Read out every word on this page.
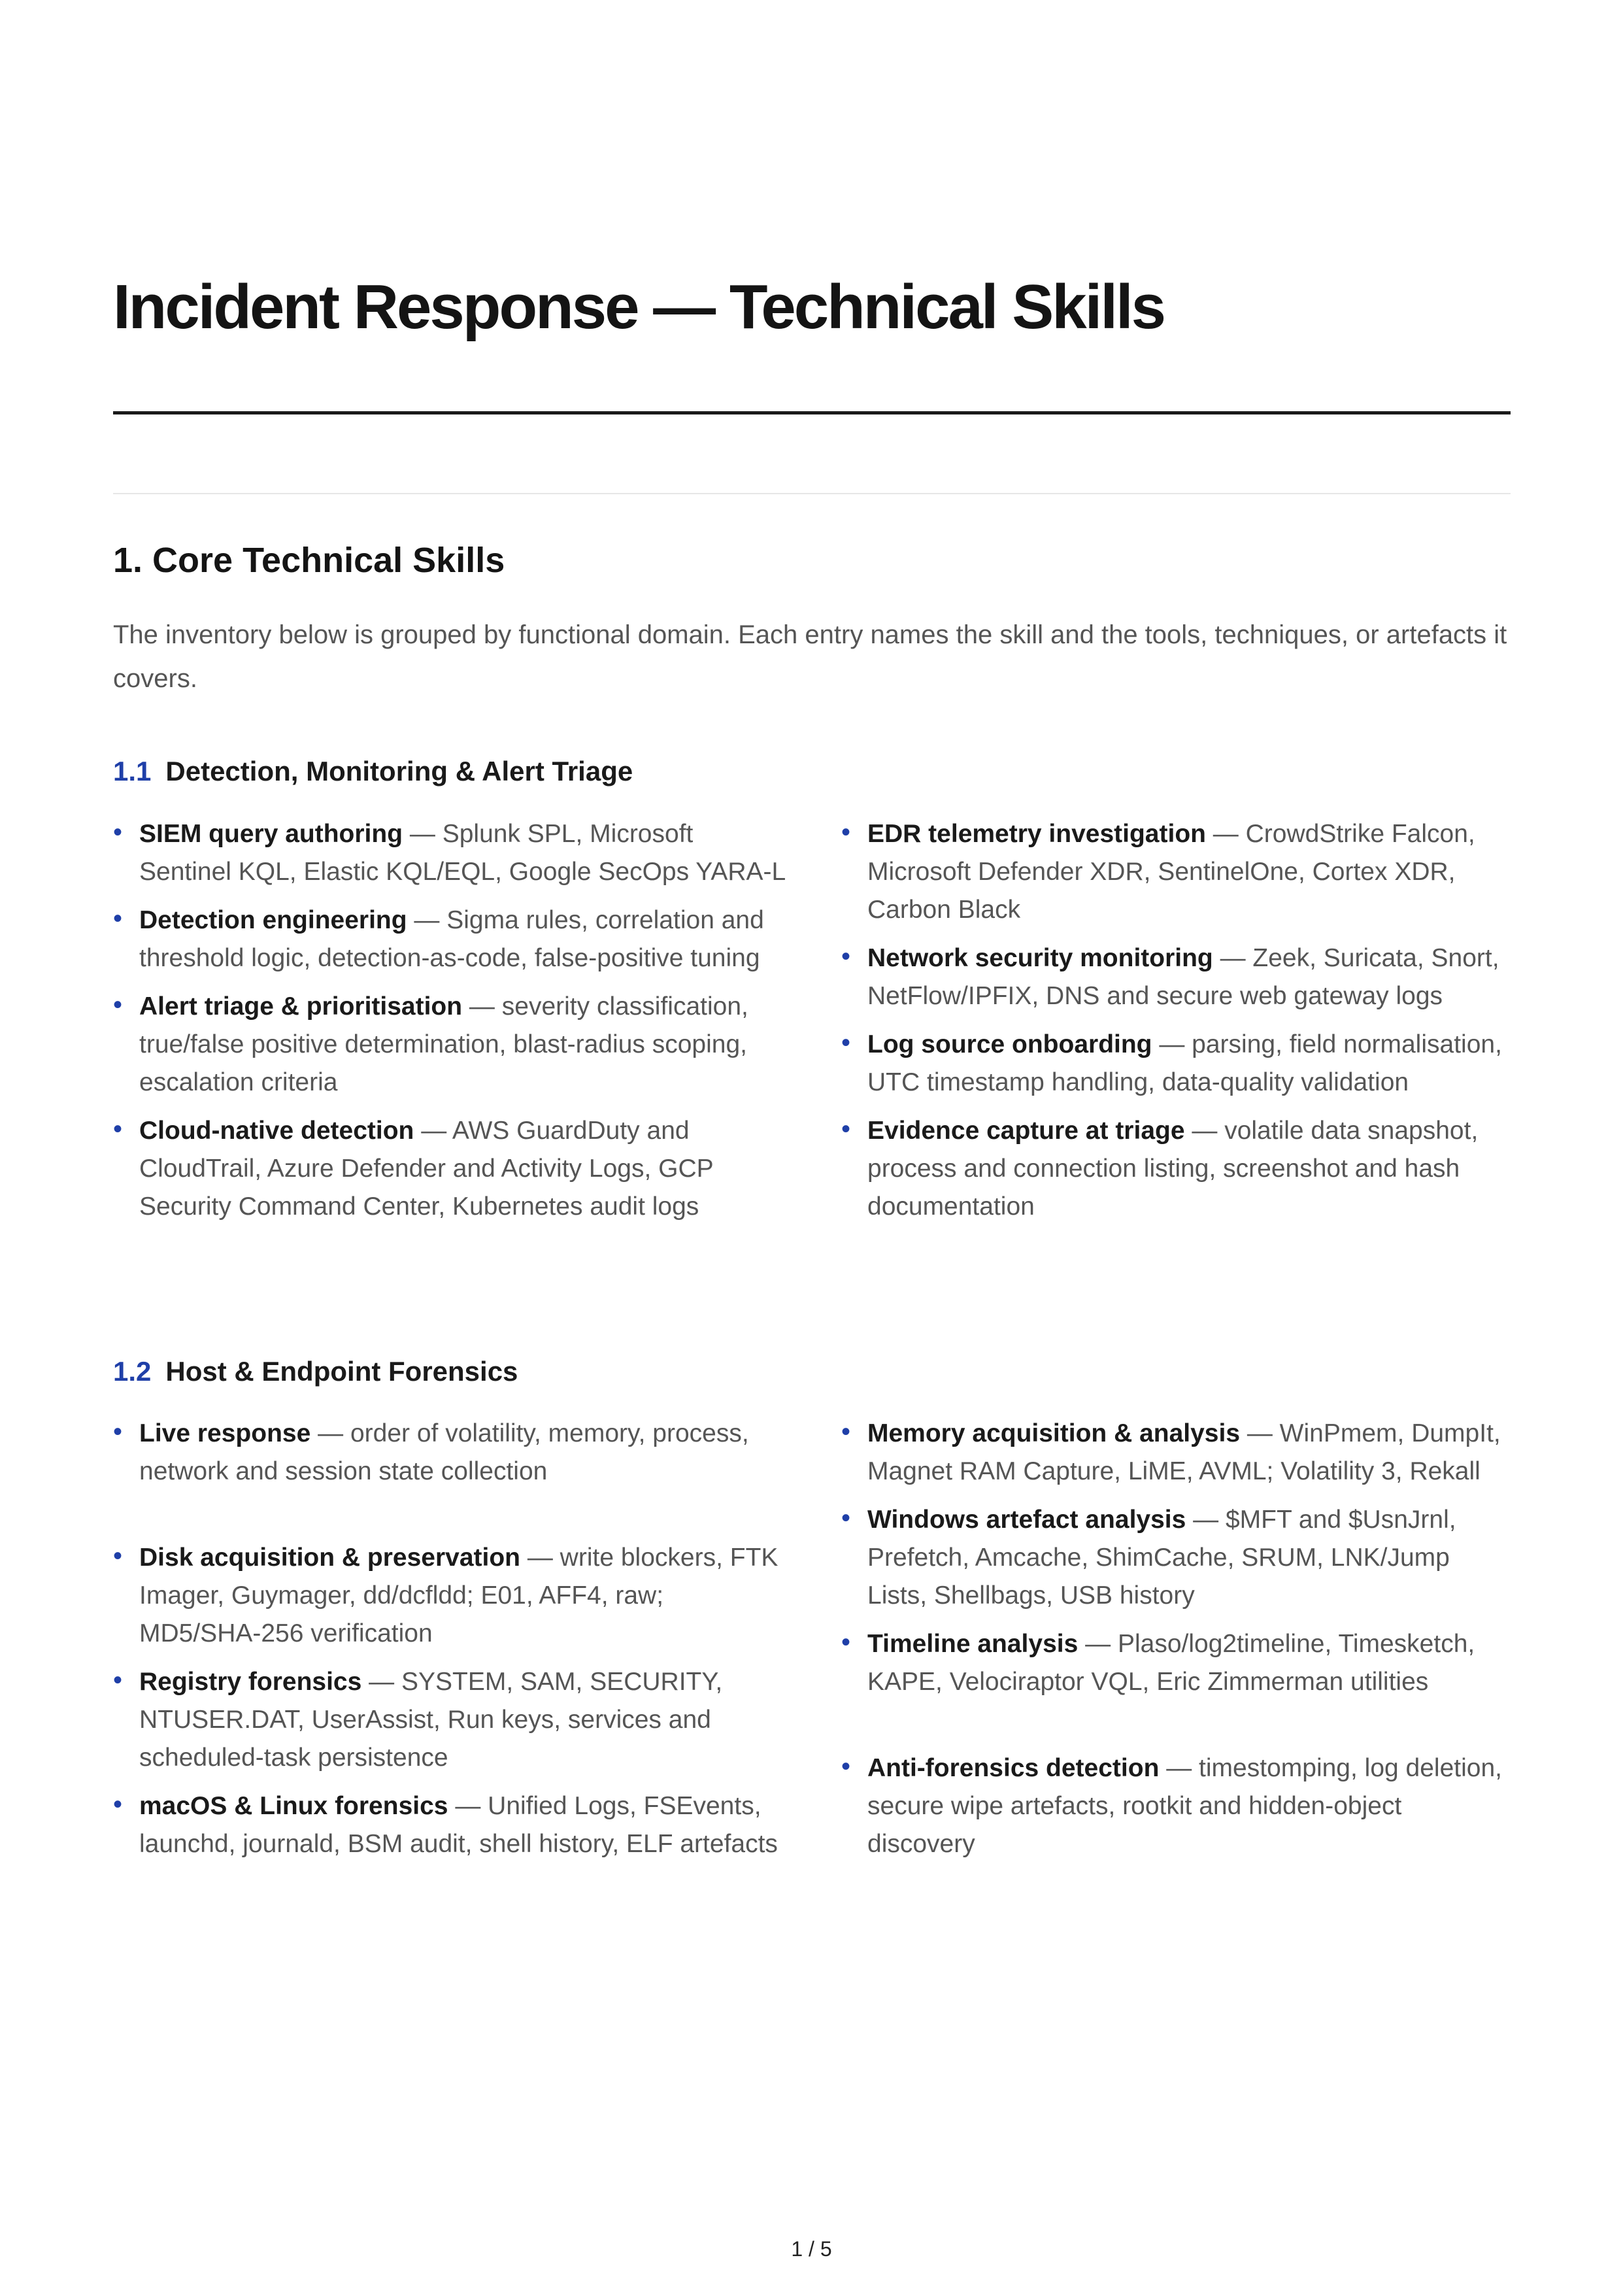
Incident Response — Technical Skills
1. Core Technical Skills

The inventory below is grouped by functional domain. Each entry names the skill and the tools, techniques, or artefacts it covers.

1.1 Detection, Monitoring & Alert Triage
• SIEM query authoring — Splunk SPL, Microsoft Sentinel KQL, Elastic KQL/EQL, Google SecOps YARA-L
• Detection engineering — Sigma rules, correlation and threshold logic, detection-as-code, false-positive tuning
• Alert triage & prioritisation — severity classification, true/false positive determination, blast-radius scoping, escalation criteria
• Cloud-native detection — AWS GuardDuty and CloudTrail, Azure Defender and Activity Logs, GCP Security Command Center, Kubernetes audit logs
• EDR telemetry investigation — CrowdStrike Falcon, Microsoft Defender XDR, SentinelOne, Cortex XDR, Carbon Black
• Network security monitoring — Zeek, Suricata, Snort, NetFlow/IPFIX, DNS and secure web gateway logs
• Log source onboarding — parsing, field normalisation, UTC timestamp handling, data-quality validation
• Evidence capture at triage — volatile data snapshot, process and connection listing, screenshot and hash documentation
1.2 Host & Endpoint Forensics
• Live response — order of volatility, memory, process, network and session state collection
• Disk acquisition & preservation — write blockers, FTK Imager, Guymager, dd/dcfldd; E01, AFF4, raw; MD5/SHA-256 verification
• Registry forensics — SYSTEM, SAM, SECURITY, NTUSER.DAT, UserAssist, Run keys, services and scheduled-task persistence
• macOS & Linux forensics — Unified Logs, FSEvents, launchd, journald, BSM audit, shell history, ELF artefacts
• Memory acquisition & analysis — WinPmem, DumpIt, Magnet RAM Capture, LiME, AVML; Volatility 3, Rekall
• Windows artefact analysis — $MFT and $UsnJrnl, Prefetch, Amcache, ShimCache, SRUM, LNK/Jump Lists, Shellbags, USB history
• Timeline analysis — Plaso/log2timeline, Timesketch, KAPE, Velociraptor VQL, Eric Zimmerman utilities
• Anti-forensics detection — timestomping, log deletion, secure wipe artefacts, rootkit and hidden-object discovery
1 / 5
